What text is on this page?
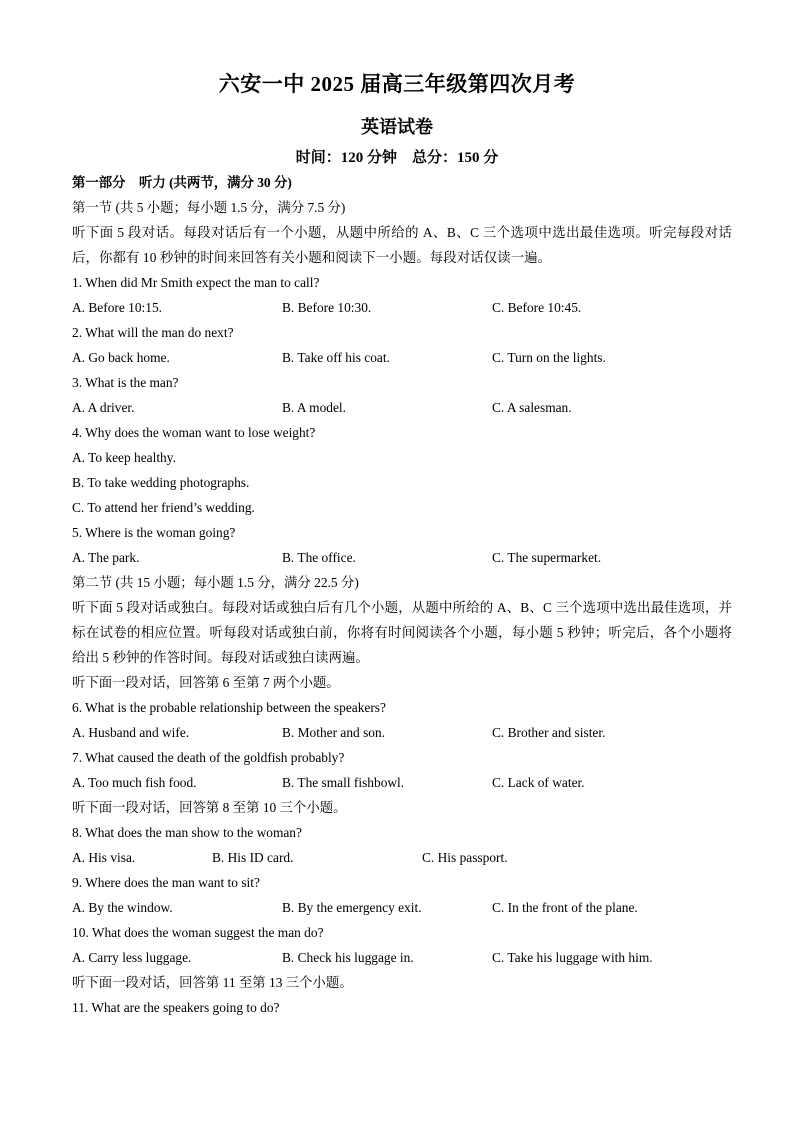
六安一中 2025 届高三年级第四次月考
英语试卷
时间：120 分钟　总分：150 分
第一部分　听力 (共两节，满分 30 分)
第一节 (共 5 小题；每小题 1.5 分，满分 7.5 分)
听下面 5 段对话。每段对话后有一个小题，从题中所给的 A、B、C 三个选项中选出最佳选项。听完每段对话后，你都有 10 秒钟的时间来回答有关小题和阅读下一小题。每段对话仅读一遍。
1. When did Mr Smith expect the man to call?
A. Before 10:15.	B. Before 10:30.	C. Before 10:45.
2. What will the man do next?
A. Go back home.	B. Take off his coat.	C. Turn on the lights.
3. What is the man?
A. A driver.	B. A model.	C. A salesman.
4. Why does the woman want to lose weight?
A. To keep healthy.
B. To take wedding photographs.
C. To attend her friend’s wedding.
5. Where is the woman going?
A. The park.	B. The office.	C. The supermarket.
第二节 (共 15 小题；每小题 1.5 分，满分 22.5 分)
听下面 5 段对话或独白。每段对话或独白后有几个小题，从题中所给的 A、B、C 三个选项中选出最佳选项，并标在试卷的相应位置。听每段对话或独白前，你将有时间阅读各个小题，每小题 5 秒钟；听完后，各个小题将给出 5 秒钟的作答时间。每段对话或独白读两遍。
听下面一段对话，回答第 6 至第 7 两个小题。
6. What is the probable relationship between the speakers?
A. Husband and wife.	B. Mother and son.	C. Brother and sister.
7. What caused the death of the goldfish probably?
A. Too much fish food.	B. The small fishbowl.	C. Lack of water.
听下面一段对话，回答第 8 至第 10 三个小题。
8. What does the man show to the woman?
A. His visa.	B. His ID card.	C. His passport.
9. Where does the man want to sit?
A. By the window.	B. By the emergency exit.	C. In the front of the plane.
10. What does the woman suggest the man do?
A. Carry less luggage.	B. Check his luggage in.	C. Take his luggage with him.
听下面一段对话，回答第 11 至第 13 三个小题。
11. What are the speakers going to do?
